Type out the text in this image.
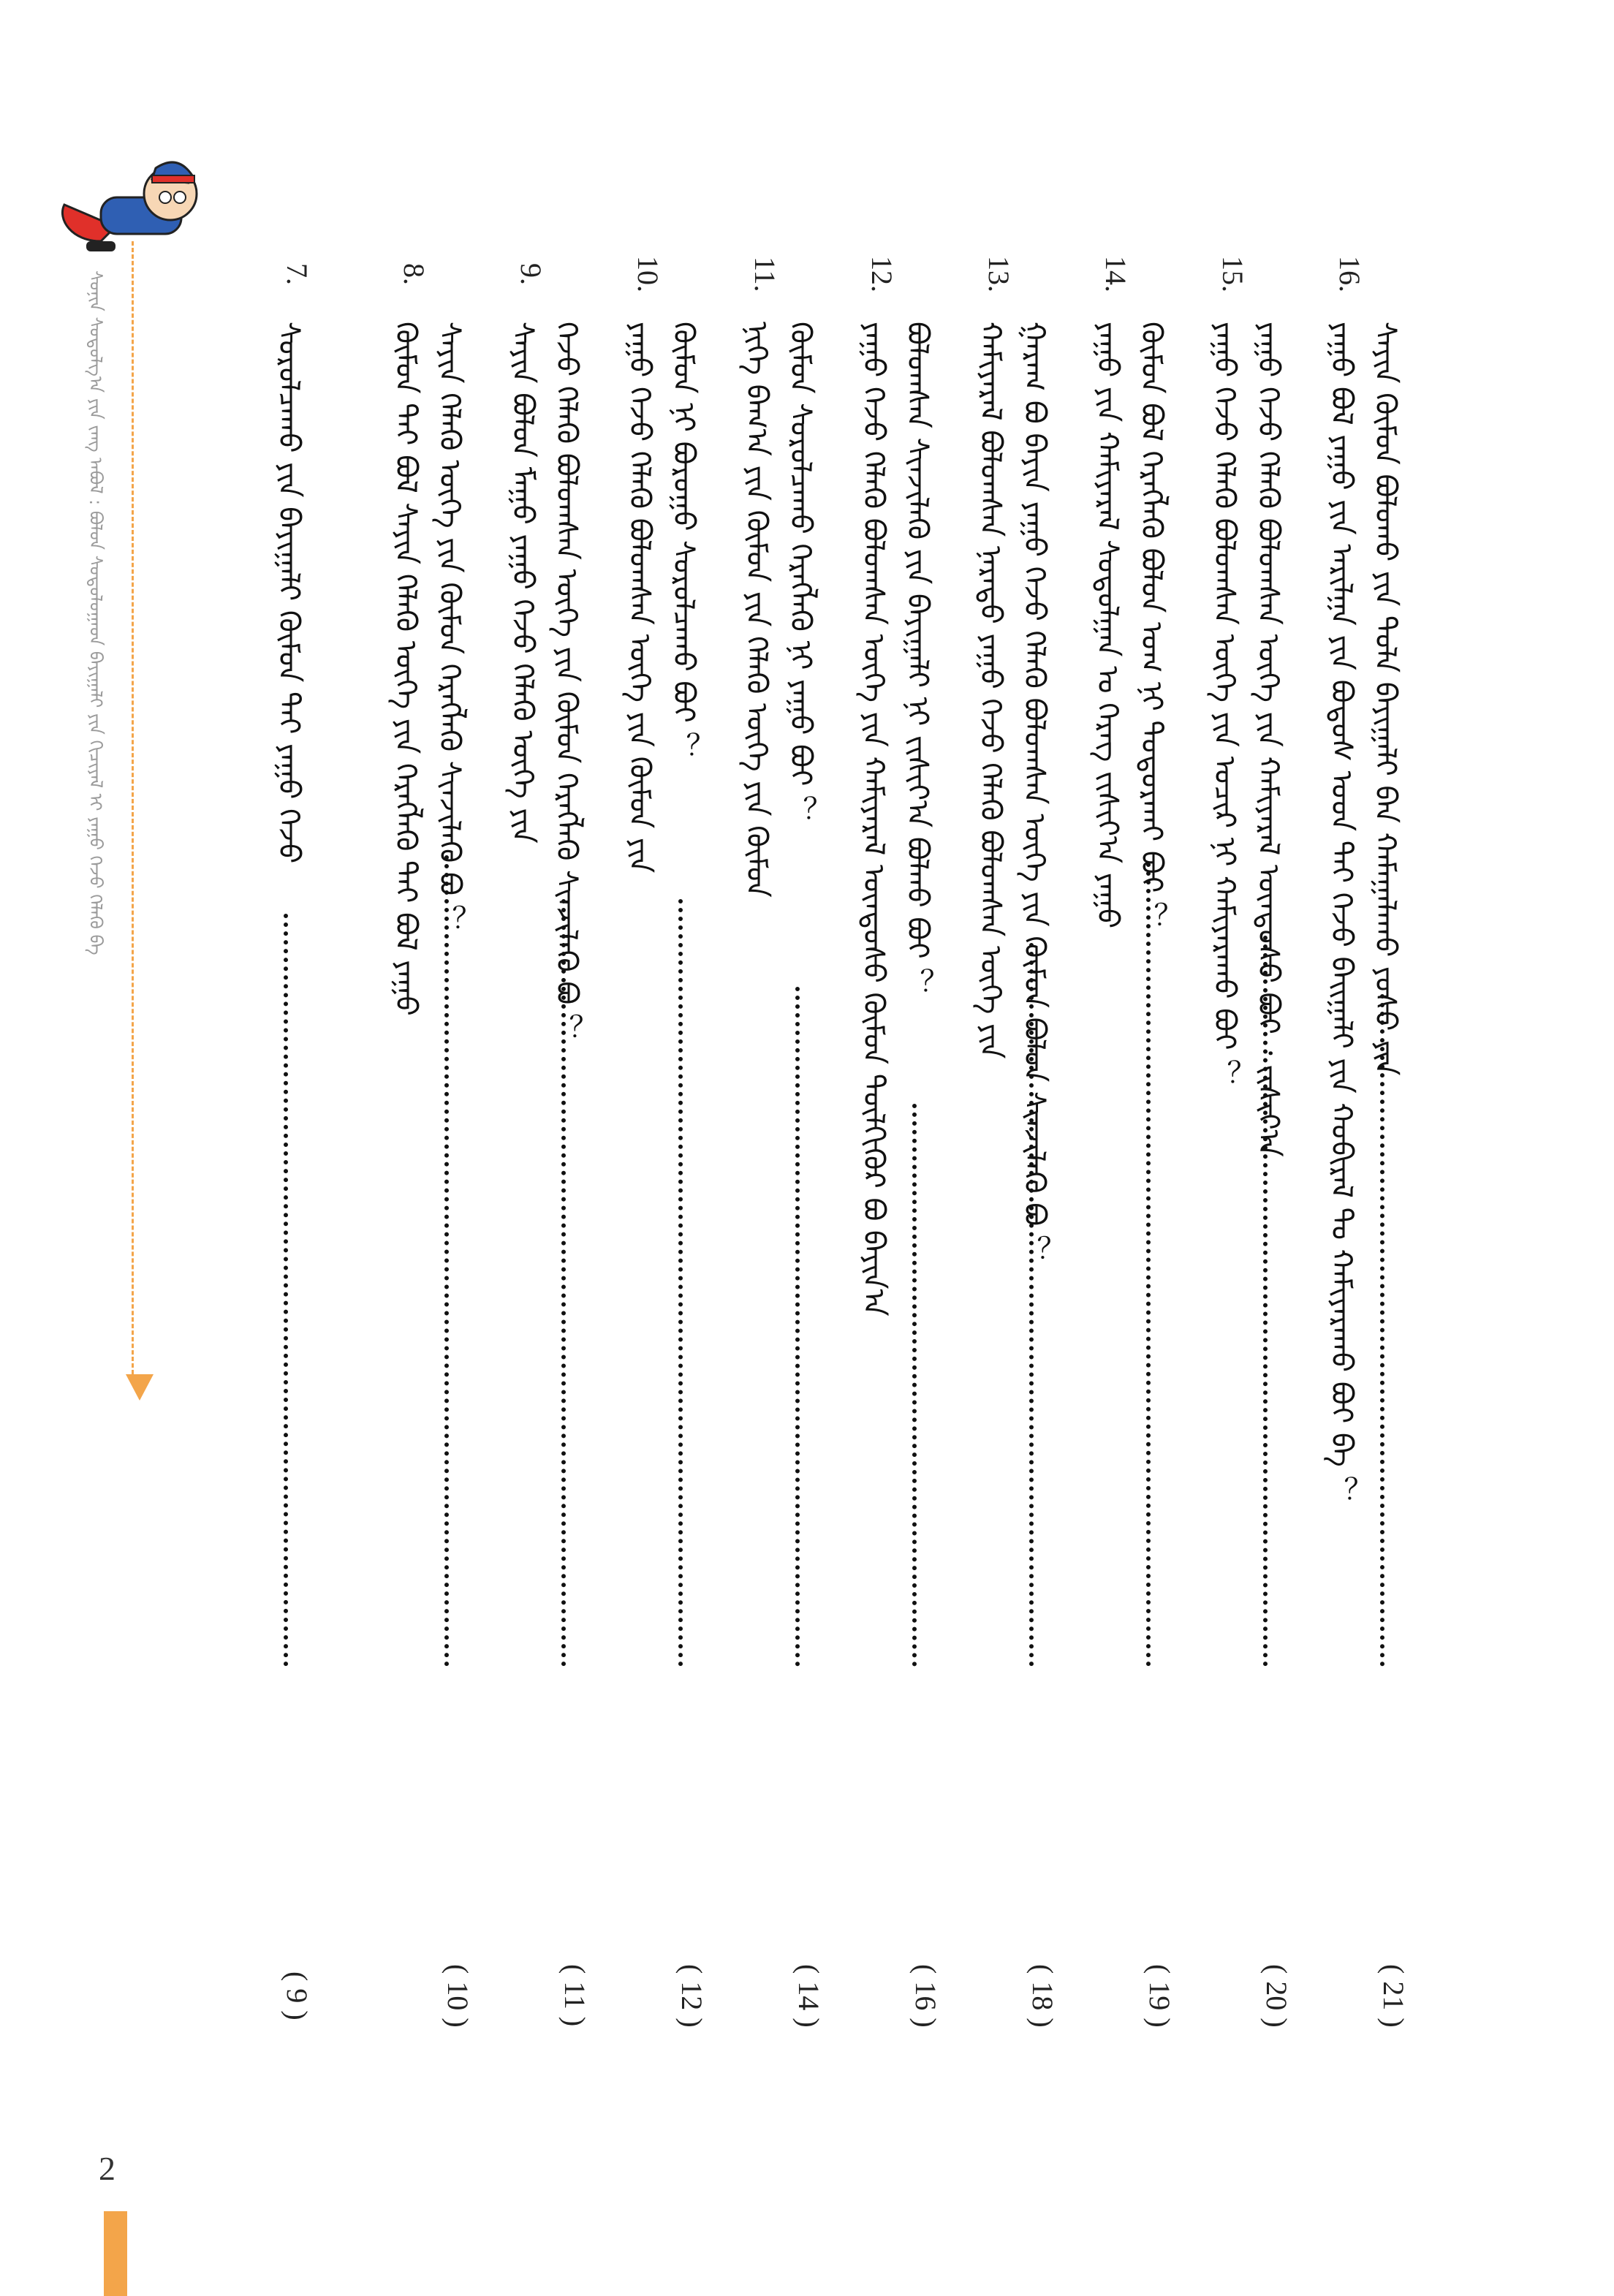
ᠰᠣᠨᠢᠨ ᠰᠣᠳᠤᠯᠭ᠎ᠠ ᠶᠢᠨ ᠵᠠᠩ ᠠᠪᠤᠯ : ᠪᠣᠯᠤᠨ ᠰᠣᠳᠤᠯᠤᠭᠠᠳ ᠪᠠᠶᠢᠭᠠᠯᠢ ᠶᠢᠨ ᠬᠢᠴᠢᠶᠡᠯ ᠢ ᠶᠠᠭᠤ ᠭᠡᠵᠦ ᠬᠡᠯᠡᠬᠦ ᠪᠡ	16.
ᠶᠠᠭᠤ ᠪᠣᠯ ᠶᠠᠭᠤ ᠶᠢᠨ ᠠᠷᠢᠯᠭᠠ ᠶᠢᠨ ᠪᠣᠳᠤᠰ ᠤᠳ ᠲᠠᠢ ᠭᠡᠵᠦ ᠪᠠᠢᠭᠠᠯᠢ ᠶᠢᠨ ᠬᠤᠪᠢᠷᠠᠯ ᠲᠤ ᠬᠠᠮᠢᠶᠠᠷᠠᠬᠤ ᠪᠤᠢ ᠪᠡ ？ ᠰᠠᠶᠢᠨ ᠬᠦᠮᠦᠨ ᠪᠣᠯᠤᠬᠤ ᠶᠢᠨ ᠲᠤᠯᠠ ᠪᠠᠶᠢᠭᠠᠯᠢ ᠪᠠᠨ ᠬᠠᠮᠠᠭᠠᠯᠠᠬᠤ ᠶᠤᠰᠤ ᠶᠢᠨ
( 21 )
15.
ᠶᠠᠭᠤ ᠭᠡᠵᠦ ᠬᠡᠯᠡᠬᠦ ᠪᠣᠯᠤᠭᠰᠠᠨ ᠦᠭᠡ ᠶᠢᠨ ᠤᠴᠢᠷ ᠨᠢ ᠬᠠᠮᠢᠶᠠᠷᠠᠬᠤ ᠪᠤᠢ ？ ᠶᠠᠭᠤ ᠭᠡᠵᠦ ᠬᠡᠯᠡᠬᠦ ᠪᠣᠯᠤᠭᠰᠠᠨ ᠦᠭᠡ ᠶᠢᠨ ᠬᠠᠮᠢᠶᠠᠷᠠᠯ ᠦᠨᠳᠦᠰᠦ ᠪᠤᠢ ᠂ ᠵᠢᠱᠢᠶ᠎ᠠ
( 20 )
14.
ᠶᠠᠭᠤ ᠶᠢᠨ ᠬᠠᠮᠢᠶᠠᠷᠠᠯ ᠰᠣᠳᠤᠯᠭᠠᠨ ᠤ ᠬᠡᠷᠡᠭ ᠵᠢᠱᠢᠶ᠎ᠠ ᠶᠠᠭᠤ ᠬᠦᠮᠦᠨ ᠪᠣᠯ ᠬᠡᠷᠡᠭᠯᠡᠬᠦ ᠪᠣᠯᠤᠨ ᠤᠭ ᠨᠢ ᠲᠣᠳᠣᠷᠬᠠᠢ ᠪᠤᠢ ？
( 19 )
13.
ᠬᠠᠮᠢᠶᠠᠷᠠᠯ ᠪᠣᠯᠤᠭᠰᠠᠨ ᠨᠡᠷᠡᠳᠦ ᠶᠠᠭᠤ ᠭᠡᠵᠦ ᠬᠡᠯᠡᠬᠦ ᠪᠣᠯᠤᠭᠰᠠᠨ ᠦᠭᠡ ᠶᠢᠨ ᠭᠠᠷᠠᠭ ᠪᠣ ᠪᠠᠶᠢᠨ ᠶᠠᠭᠤ ᠭᠡᠵᠦ ᠬᠡᠯᠡᠬᠦ ᠪᠣᠯᠤᠭᠰᠠᠨ ᠦᠭᠡ ᠶᠢᠨ ᠬᠦᠮᠦᠨ ᠪᠣᠯᠤᠨ ᠰᠢᠨᠵᠢᠯᠡᠬᠦ ᠪᠣ ？
( 18 )
12.
ᠶᠠᠭᠤ ᠭᠡᠵᠦ ᠬᠡᠯᠡᠬᠦ ᠪᠣᠯᠤᠭᠰᠠᠨ ᠦᠭᠡ ᠶᠢᠨ ᠬᠠᠮᠢᠶᠠᠷᠠᠯ ᠦᠨᠳᠦᠰᠦ ᠬᠦᠮᠦᠨ ᠲᠦᠯᠬᠢᠭᠦᠷ ᠪᠣ ᠪᠠᠶᠢᠨ᠎ᠠ ᠪᠣᠯᠤᠭᠰᠠᠨ ᠰᠢᠨᠵᠢᠯᠡᠬᠦ ᠶᠢᠨ ᠪᠠᠶᠢᠭᠠᠯᠢ ᠨᠢ ᠵᠢᠱᠢᠶ᠎ᠠ ᠪᠣᠯᠬᠤ ᠪᠤᠢ ？
( 16 )
11.
ᠨᠢᠭᠡ ᠪᠠᠭ᠎ᠠ ᠶᠢᠨ ᠬᠦᠮᠦᠨ ᠶᠢᠨ ᠬᠡᠯᠡᠬᠦ ᠦᠭᠡ ᠶᠢᠨ ᠬᠦᠮᠦᠨ ᠬᠦᠮᠦᠨ ᠰᠤᠷᠤᠯᠴᠠᠬᠤ ᠬᠡᠷᠡᠭᠯᠡᠬᠦ ᠨᠢ ᠶᠠᠭᠤ ᠪᠤᠢ ？
( 14 )
10.
ᠶᠠᠭᠤ ᠭᠡᠵᠦ ᠬᠡᠯᠡᠬᠦ ᠪᠣᠯᠤᠭᠰᠠᠨ ᠦᠭᠡ ᠶᠢᠨ ᠬᠦᠮᠦᠨ ᠶᠢᠨ ᠬᠦᠮᠦᠨ ᠨᠢ ᠪᠤᠷᠤᠭᠤ ᠰᠤᠷᠤᠯᠴᠠᠬᠤ ᠪᠤᠢ ？
( 12 )
9.
ᠰᠠᠶᠢᠨ ᠪᠣᠯᠤᠨ ᠮᠠᠭᠤ ᠶᠠᠭᠤ ᠭᠡᠵᠦ ᠬᠡᠯᠡᠬᠦ ᠦᠭᠡ ᠶᠢᠨ ᠭᠡᠵᠦ ᠬᠡᠯᠡᠬᠦ ᠪᠣᠯᠤᠭᠰᠠᠨ ᠦᠭᠡ ᠶᠢᠨ ᠬᠦᠮᠦᠨ ᠬᠡᠷᠡᠭᠯᠡᠬᠦ ᠰᠢᠨᠵᠢᠯᠡᠬᠦ ᠪᠣ ？
( 11 )
8.
ᠬᠦᠮᠦᠨ ᠲᠠᠢ ᠪᠣᠯ ᠰᠠᠶᠢᠨ ᠬᠡᠯᠡᠬᠦ ᠦᠭᠡ ᠶᠢᠨ ᠬᠡᠷᠡᠭᠯᠡᠬᠦ ᠲᠠᠢ ᠪᠣᠯ ᠶᠠᠭᠤ ᠰᠠᠶᠢᠨ ᠬᠡᠯᠡᠬᠦ ᠦᠭᠡ ᠶᠢᠨ ᠬᠦᠮᠦᠨ ᠬᠡᠷᠡᠭᠯᠡᠬᠦ ᠰᠢᠨᠵᠢᠯᠡᠬᠦ ᠪᠣ ？
( 10 )
7.
ᠰᠤᠷᠤᠯᠴᠠᠬᠤ ᠶᠢᠨ ᠪᠠᠶᠢᠭᠠᠯᠢ ᠬᠦᠮᠦᠨ ᠲᠠᠢ ᠶᠠᠭᠤ ᠭᠡᠵᠦ
( 9 )
2
